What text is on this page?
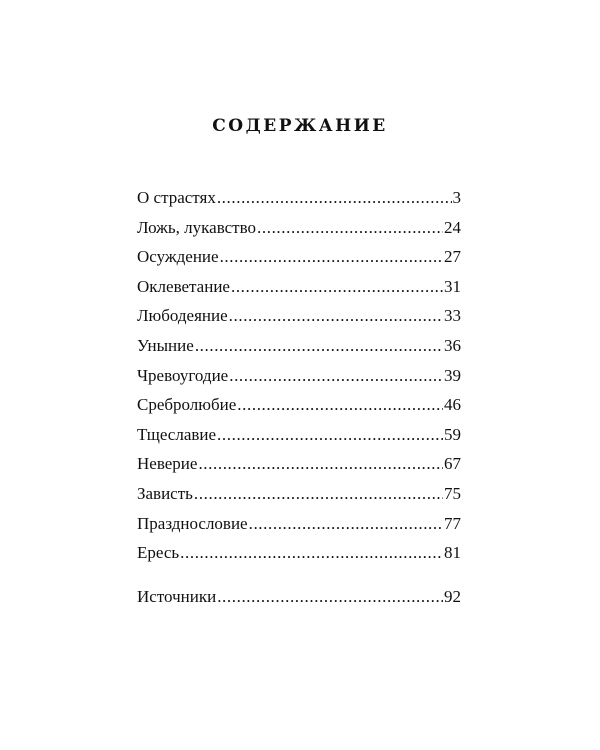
СОДЕРЖАНИЕ
О страстях .....	3
Ложь, лукавство .....	24
Осуждение .....	27
Оклеветание .....	31
Любодеяние .....	33
Уныние .....	36
Чревоугодие .....	39
Сребролюбие .....	46
Тщеславие .....	59
Неверие .....	67
Зависть .....	75
Празднословие .....	77
Ересь .....	81
Источники .....	92
